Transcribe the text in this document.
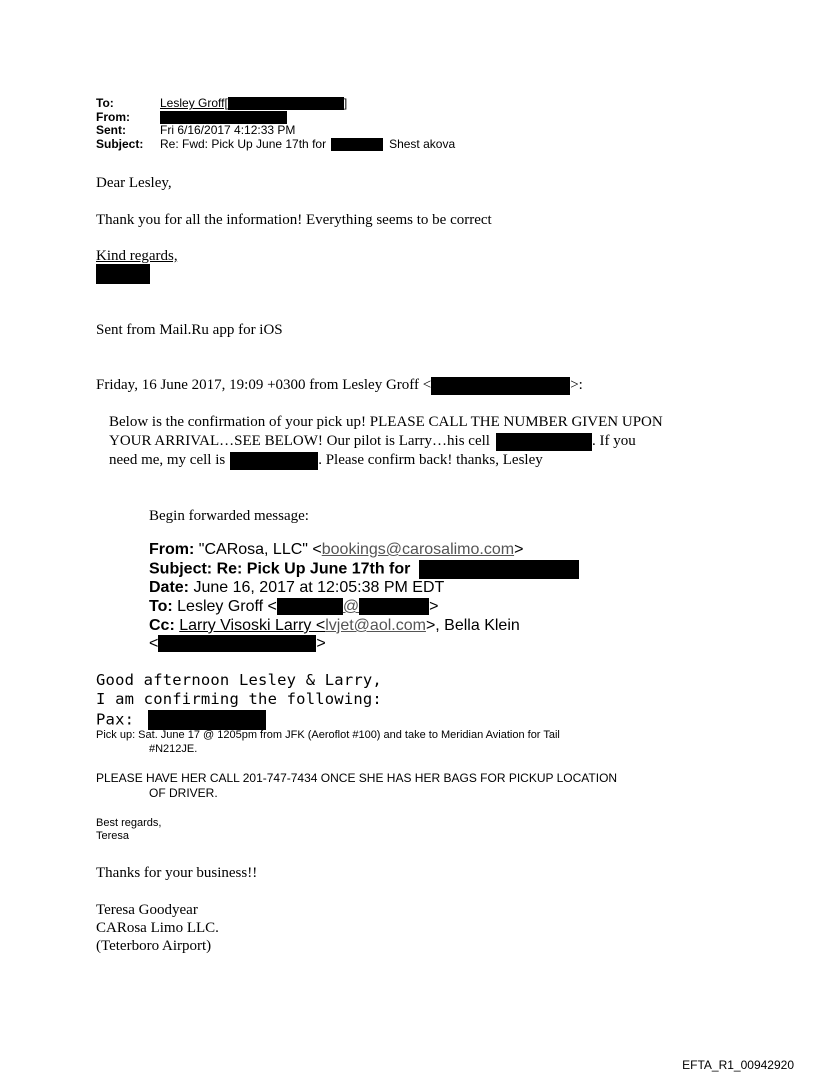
To:	Lesley Groff[	]
From:
Sent:	Fri 6/16/2017 4:12:33 PM
Subject:	Re: Fwd: Pick Up June 17th for	Shest akova
Dear Lesley,
Thank you for all the information! Everything seems to be correct
Kind regards,
Sent from Mail.Ru app for iOS
Friday, 16 June 2017, 19:09 +0300 from Lesley Groff <	>:
Below is the confirmation of your pick up! PLEASE CALL THE NUMBER GIVEN UPON
YOUR ARRIVAL…SEE BELOW! Our pilot is Larry…his cell	. If you
need me, my cell is	. Please confirm back! thanks, Lesley
Begin forwarded message:
From: "CARosa, LLC" <bookings@carosalimo.com>
Subject: Re: Pick Up June 17th for
Date: June 16, 2017 at 12:05:38 PM EDT
To: Lesley Groff <	@	>
Cc: Larry Visoski Larry <lvjet@aol.com>, Bella Klein
<	>
Good afternoon Lesley & Larry,
I am confirming the following:
Pax:
Pick up: Sat. June 17 @ 1205pm from JFK (Aeroflot #100) and take to Meridian Aviation for Tail
#N212JE.
PLEASE HAVE HER CALL 201-747-7434 ONCE SHE HAS HER BAGS FOR PICKUP LOCATION
OF DRIVER.
Best regards,
Teresa
Thanks for your business!!
Teresa Goodyear
CARosa Limo LLC.
(Teterboro Airport)
EFTA_R1_00942920
